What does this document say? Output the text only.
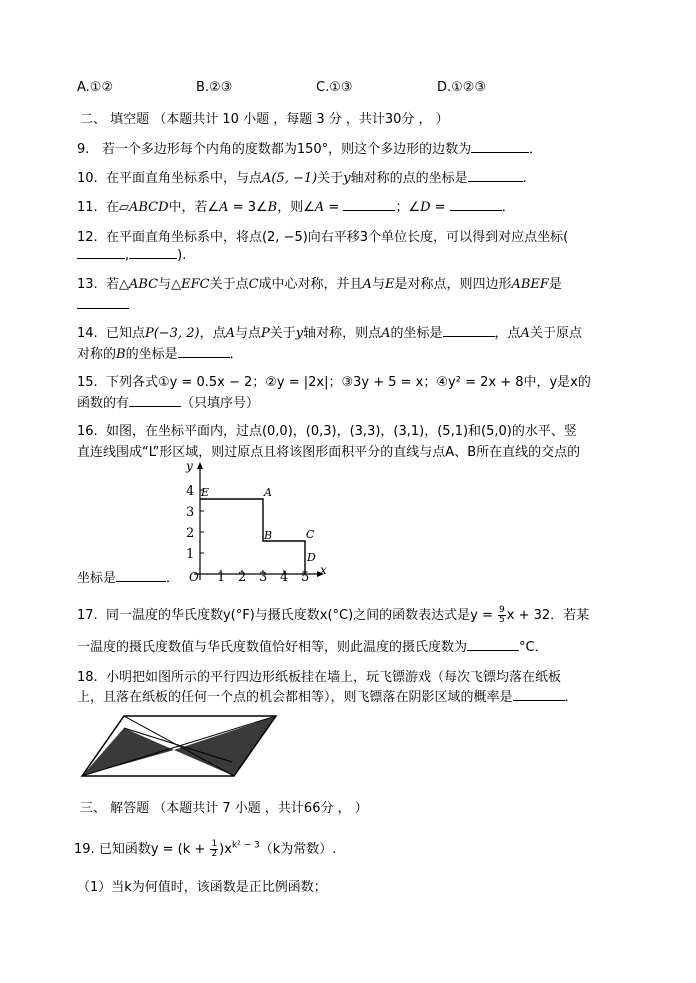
A.①②	B.②③	C.①③	D.①②③
二、 填空题 （本题共计 10 小题 ，每题 3 分 ，共计30分 ， ）
9. 若一个多边形每个内角的度数都为150°，则这个多边形的边数为	．
10. 在平面直角坐标系中，与点A(5, −1)关于y轴对称的点的坐标是	.
11. 在▱ABCD中，若∠A = 3∠B，则∠A =	；∠D =	．
12. 在平面直角坐标系中，将点(2, −5)向右平移3个单位长度，可以得到对应点坐标(
,	).
13. 若△ABC与△EFC关于点C成中心对称，并且A与E是对称点，则四边形ABEF是
14. 已知点P(−3, 2)，点A与点P关于y轴对称，则点A的坐标是	，点A关于原点
对称的B的坐标是	．
15. 下列各式①y = 0.5x − 2；②y = |2x|；③3y + 5 = x；④y² = 2x + 8中，y是x的
函数的有	（只填序号）
16. 如图，在坐标平面内，过点(0,0)，(0,3)，(3,3)，(3,1)，(5,1)和(5,0)的水平、竖
直连线围成“L”形区域，则过原点且将该图形面积平分的直线与点A、B所在直线的交点的
y
x
O
1
2
3
4
1 2 3 4 5
E	A
B	C
D
坐标是	．
17. 同一温度的华氏度数y(°F)与摄氏度数x(°C)之间的函数表达式是$y = \frac{9}{5}$ x + 32．若某
一温度的摄氏度数值与华氏度数值恰好相等，则此温度的摄氏度数为	°C．
18. 小明把如图所示的平行四边形纸板挂在墙上，玩飞镖游戏（每次飞镖均落在纸板
上，且落在纸板的任何一个点的机会都相等），则飞镖落在阴影区域的概率是	．
三、 解答题 （本题共计 7 小题 ，共计66分 ， ）
19. 已知函数$y = (k + \frac{1}{2} )x^{k^2 - 3}(k$为常数）.
（1）当k为何值时，该函数是正比例函数；
